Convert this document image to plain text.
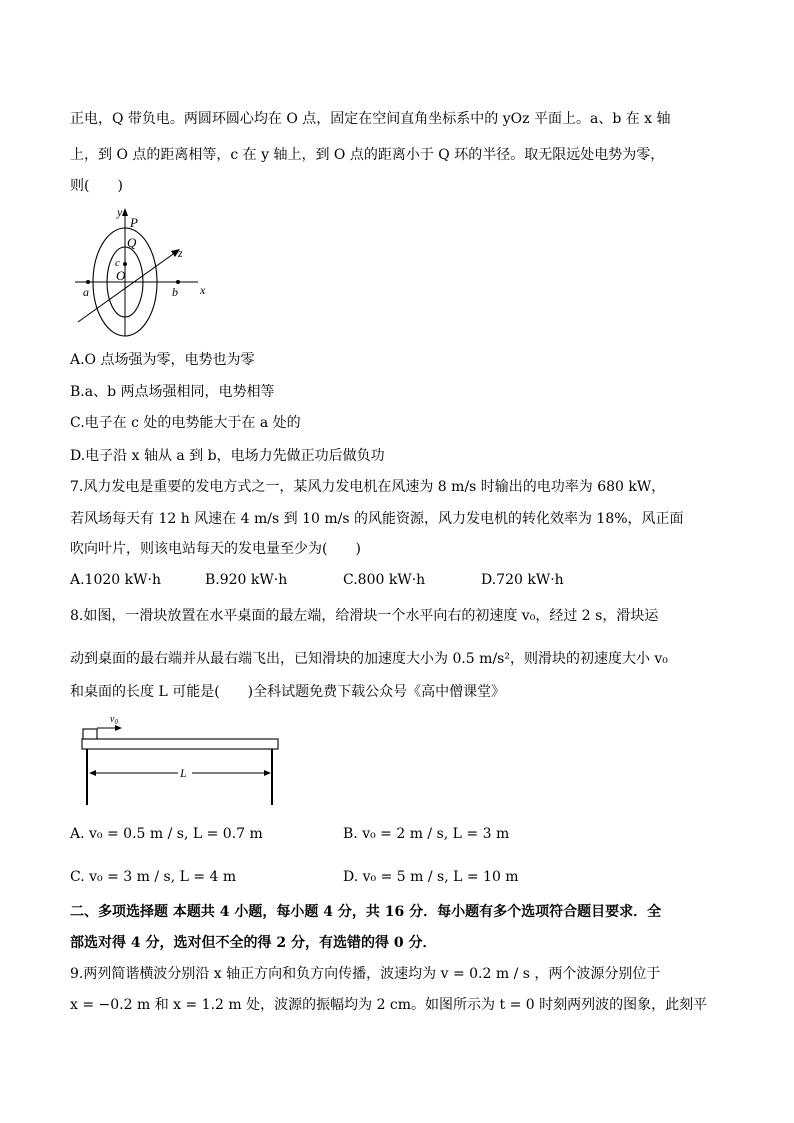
正电，Q 带负电。两圆环圆心均在 O 点，固定在空间直角坐标系中的 yOz 平面上。a、b 在 x 轴
上，到 O 点的距离相等，c 在 y 轴上，到 O 点的距离小于 Q 环的半径。取无限远处电势为零，
则(　　)
y
P
Q
z
c
O
a	b x
A.O 点场强为零，电势也为零
B.a、b 两点场强相同，电势相等
C.电子在 c 处的电势能大于在 a 处的
D.电子沿 x 轴从 a 到 b，电场力先做正功后做负功
7.风力发电是重要的发电方式之一，某风力发电机在风速为 8 m/s 时输出的电功率为 680 kW，
若风场每天有 12 h 风速在 4 m/s 到 10 m/s 的风能资源，风力发电机的转化效率为 18%，风正面
吹向叶片，则该电站每天的发电量至少为(　　)
A.1020 kW·h	B.920 kW·h	C.800 kW·h	D.720 kW·h
8.如图，一滑块放置在水平桌面的最左端，给滑块一个水平向右的初速度 v₀，经过 2 s，滑块运
动到桌面的最右端并从最右端飞出，已知滑块的加速度大小为 0.5 m/s²，则滑块的初速度大小 v₀
和桌面的长度 L 可能是(　　)全科试题免费下载公众号《高中僧课堂》
$v_0$
L
A. v₀ = 0.5 m / s, L = 0.7 m	B. v₀ = 2 m / s, L = 3 m
C. v₀ = 3 m / s, L = 4 m	D. v₀ = 5 m / s, L = 10 m
二、多项选择题 本题共 4 小题，每小题 4 分，共 16 分．每小题有多个选项符合题目要求．全
部选对得 4 分，选对但不全的得 2 分，有选错的得 0 分．
9.两列简谐横波分别沿 x 轴正方向和负方向传播，波速均为 v = 0.2 m / s ，两个波源分别位于
x = −0.2 m 和 x = 1.2 m 处，波源的振幅均为 2 cm。如图所示为 t = 0 时刻两列波的图象，此刻平
